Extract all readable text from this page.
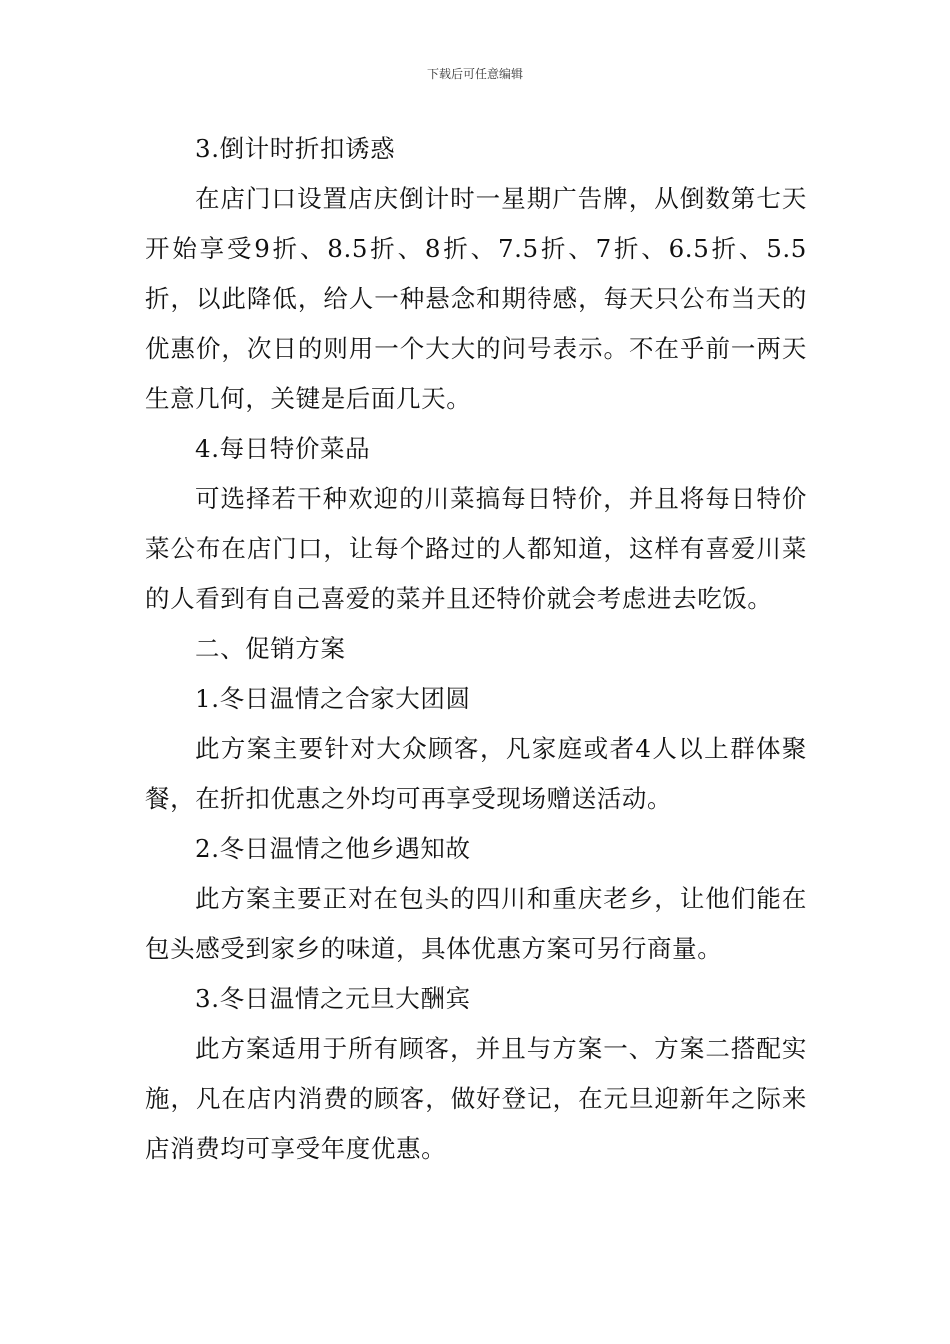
下载后可任意编辑

3.倒计时折扣诱惑

在店门口设置店庆倒计时一星期广告牌，从倒数第七天开始享受9折、8.5折、8折、7.5折、7折、6.5折、5.5折，以此降低，给人一种悬念和期待感，每天只公布当天的优惠价，次日的则用一个大大的问号表示。不在乎前一两天生意几何，关键是后面几天。

4.每日特价菜品

可选择若干种欢迎的川菜搞每日特价，并且将每日特价菜公布在店门口，让每个路过的人都知道，这样有喜爱川菜的人看到有自己喜爱的菜并且还特价就会考虑进去吃饭。

二、促销方案

1.冬日温情之合家大团圆

此方案主要针对大众顾客，凡家庭或者4人以上群体聚餐，在折扣优惠之外均可再享受现场赠送活动。

2.冬日温情之他乡遇知故

此方案主要正对在包头的四川和重庆老乡，让他们能在包头感受到家乡的味道，具体优惠方案可另行商量。

3.冬日温情之元旦大酬宾

此方案适用于所有顾客，并且与方案一、方案二搭配实施，凡在店内消费的顾客，做好登记，在元旦迎新年之际来店消费均可享受年度优惠。
